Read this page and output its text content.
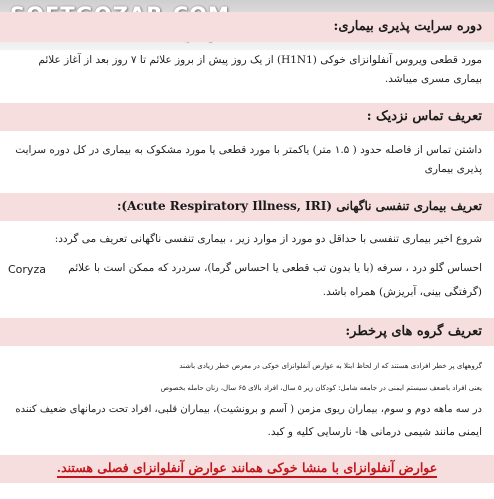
دوره سرایت پذیری بیماری:
مورد قطعی ویروس آنفلوانزای خوکی (H1N1) از یک روز پیش از بروز علائم تا ۷ روز بعد از آغاز علائم
بیماری مسری میباشد.
تعریف تماس نزدیک :
داشتن تماس از فاصله حدود ( ۱.۵ متر) یاکمتر با مورد قطعی یا مورد مشکوک به بیماری در کل دوره سرایت
پذیری بیماری
تعریف بیماری تنفسی ناگهانی (Acute Respiratory Illness, IRI):
شروع اخیر بیماری تنفسی با حداقل دو مورد از موارد زیر ، بیماری تنفسی ناگهانی تعریف می گردد:
احساس گلو درد ، سرفه (با یا بدون تب قطعی یا احساس گرما)، سردرد که ممکن است با علائم
(گرفتگی بینی، آبریزش) همراه باشد.
Coryza
تعریف گروه های پرخطر:
گروههای پر خطر افرادی هستند که از لحاظ ابتلا به عوارض آنفلوانزای خوکی در معرض خطر زیادی باشند
یعنی افراد باضعف سیستم ایمنی در جامعه شامل: کودکان زیر ۵ سال، افراد بالای ۶۵ سال، زنان حامله بخصوص
در سه ماهه دوم و سوم، بیماران ریوی مزمن ( آسم و برونشیت)، بیماران قلبی، افراد تحت درمانهای ضعیف کننده
ایمنی مانند شیمی درمانی ها- نارسایی کلیه و کبد.
عوارض آنفلوانزای با منشا خوکی همانند عوارض آنفلوانزای فصلی هستند.
